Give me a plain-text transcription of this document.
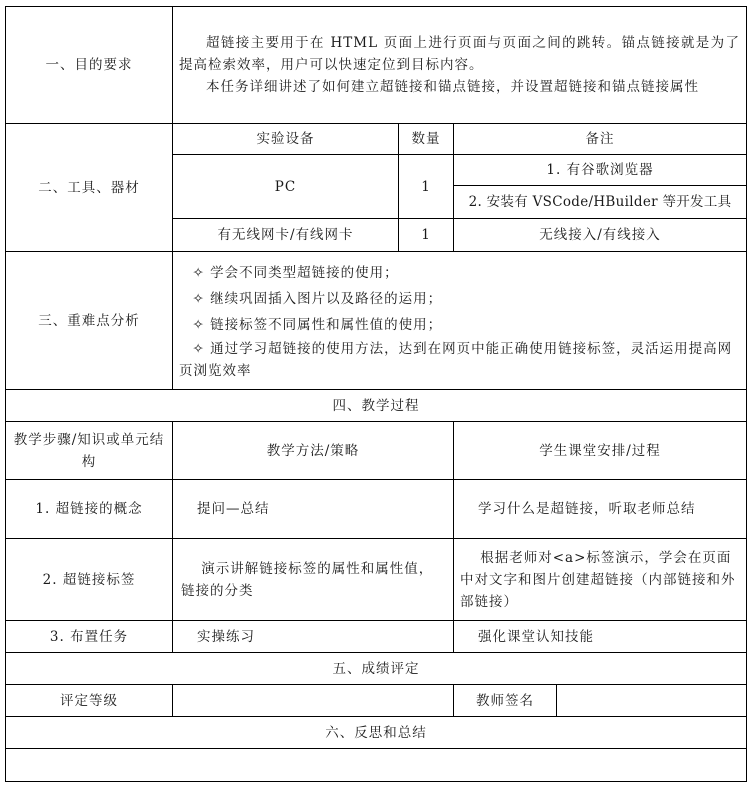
一、目的要求	超链接主要用于在 HTML 页面上进行页面与页面之间的跳转。锚点链接就是为了提高检索效率，用户可以快速定位到目标内容。

本任务详细讲述了如何建立超链接和锚点链接，并设置超链接和锚点链接属性			

二、工具、器材	实验设备	数量	备注	
	PC	1	1. 有谷歌浏览器	
			2. 安装有 VSCode/HBuilder 等开发工具	
	有无线网卡/有线网卡	1	无线接入/有线接入	
三、重难点分析	✧ 学会不同类型超链接的使用；

✧ 继续巩固插入图片以及路径的运用；

✧ 链接标签不同属性和属性值的使用；

✧ 通过学习超链接的使用方法，达到在网页中能正确使用链接标签，灵活运用提高网页浏览效率			

四、教学过程				
教学步骤/知识或单元结构	教学方法/策略		学生课堂安排/过程	
1. 超链接的概念	提问—总结		学习什么是超链接，听取老师总结	
2. 超链接标签	演示讲解链接标签的属性和属性值，链接的分类		根据老师对<a>标签演示，学会在页面中对文字和图片创建超链接（内部链接和外部链接）	

3. 布置任务	实操练习		强化课堂认知技能	
五、成绩评定				
评定等级			教师签名	
六、反思和总结				
